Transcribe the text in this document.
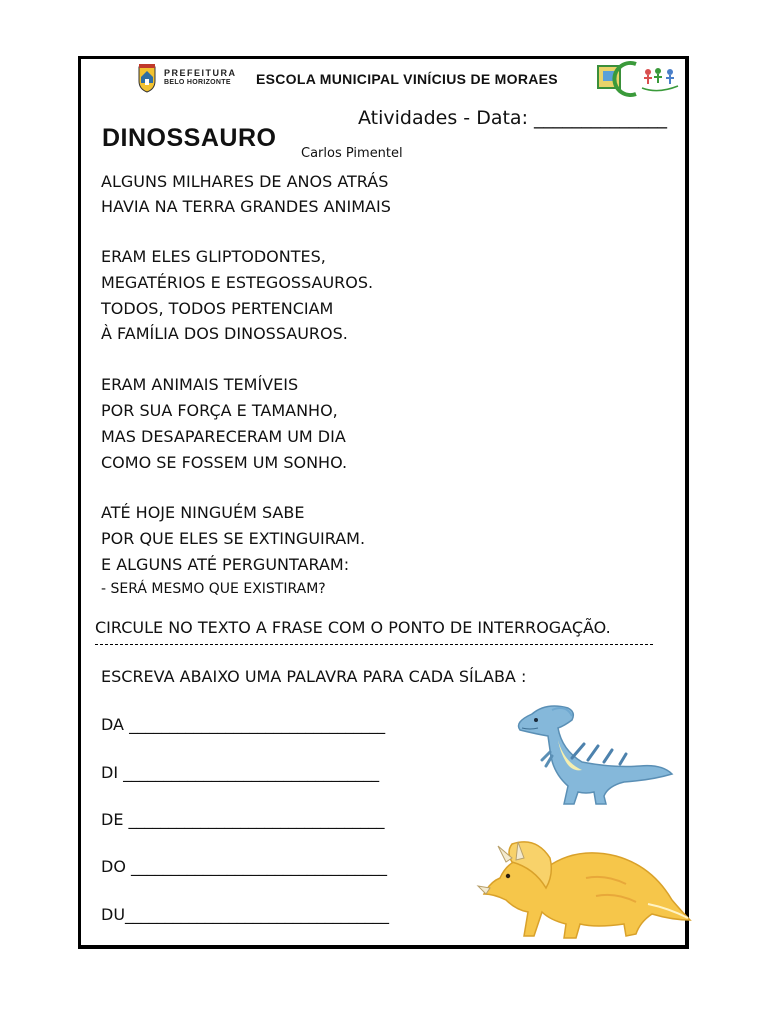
PREFEITURA
BELO HORIZONTE	ESCOLA MUNICIPAL VINÍCIUS DE MORAES
Atividades - Data: ______________
DINOSSAURO
Carlos Pimentel
ALGUNS MILHARES DE ANOS ATRÁS
HAVIA NA TERRA GRANDES ANIMAIS
ERAM ELES GLIPTODONTES,
MEGATÉRIOS E ESTEGOSSAUROS.
TODOS, TODOS PERTENCIAM
À FAMÍLIA DOS DINOSSAUROS.
ERAM ANIMAIS TEMÍVEIS
POR SUA FORÇA E TAMANHO,
MAS DESAPARECERAM UM DIA
COMO SE FOSSEM UM SONHO.
ATÉ HOJE NINGUÉM SABE
POR QUE ELES SE EXTINGUIRAM.
E ALGUNS ATÉ PERGUNTARAM:
- SERÁ MESMO QUE EXISTIRAM?
CIRCULE NO TEXTO A FRASE COM O PONTO DE INTERROGAÇÃO.
ESCREVA ABAIXO UMA PALAVRA PARA CADA SÍLABA :
DA ________________________________
DI ________________________________
DE ________________________________
DO ________________________________
DU_________________________________
